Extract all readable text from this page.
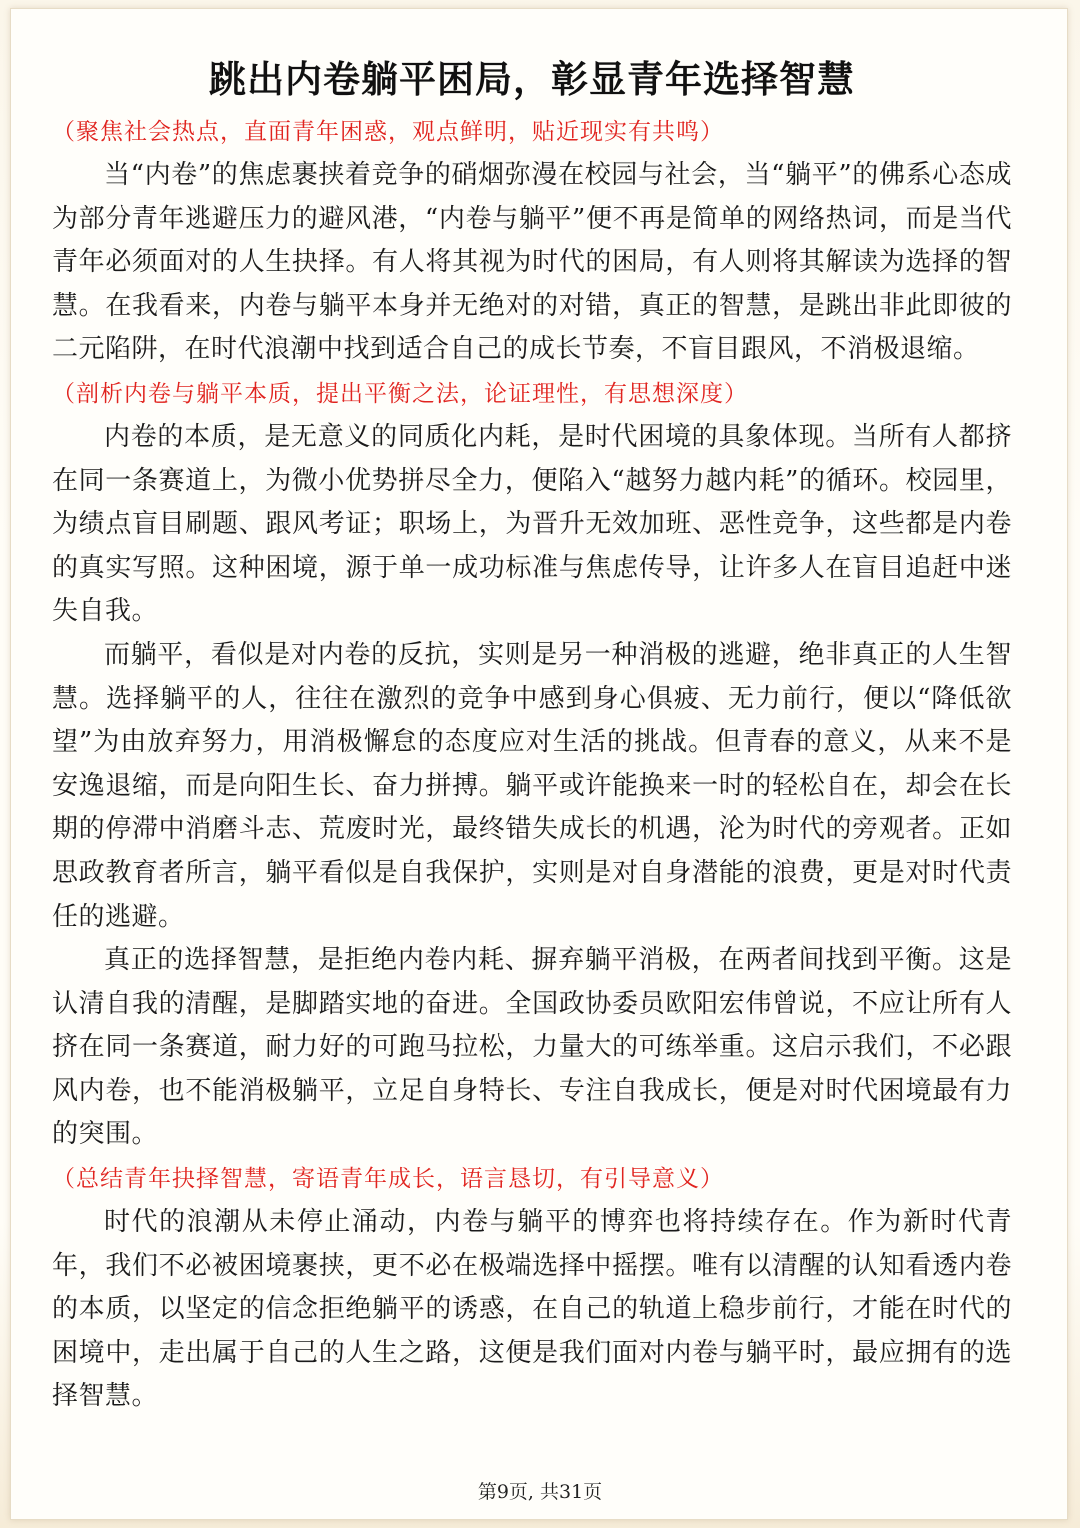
跳出内卷躺平困局，彰显青年选择智慧

（聚焦社会热点，直面青年困惑，观点鲜明，贴近现实有共鸣）

当“内卷”的焦虑裹挟着竞争的硝烟弥漫在校园与社会，当“躺平”的佛系心态成为部分青年逃避压力的避风港，“内卷与躺平”便不再是简单的网络热词，而是当代青年必须面对的人生抉择。有人将其视为时代的困局，有人则将其解读为选择的智慧。在我看来，内卷与躺平本身并无绝对的对错，真正的智慧，是跳出非此即彼的二元陷阱，在时代浪潮中找到适合自己的成长节奏，不盲目跟风，不消极退缩。

（剖析内卷与躺平本质，提出平衡之法，论证理性，有思想深度）

内卷的本质，是无意义的同质化内耗，是时代困境的具象体现。当所有人都挤在同一条赛道上，为微小优势拼尽全力，便陷入“越努力越内耗”的循环。校园里，为绩点盲目刷题、跟风考证；职场上，为晋升无效加班、恶性竞争，这些都是内卷的真实写照。这种困境，源于单一成功标准与焦虑传导，让许多人在盲目追赶中迷失自我。

而躺平，看似是对内卷的反抗，实则是另一种消极的逃避，绝非真正的人生智慧。选择躺平的人，往往在激烈的竞争中感到身心俱疲、无力前行，便以“降低欲望”为由放弃努力，用消极懈怠的态度应对生活的挑战。但青春的意义，从来不是安逸退缩，而是向阳生长、奋力拼搏。躺平或许能换来一时的轻松自在，却会在长期的停滞中消磨斗志、荒废时光，最终错失成长的机遇，沦为时代的旁观者。正如思政教育者所言，躺平看似是自我保护，实则是对自身潜能的浪费，更是对时代责任的逃避。

真正的选择智慧，是拒绝内卷内耗、摒弃躺平消极，在两者间找到平衡。这是认清自我的清醒，是脚踏实地的奋进。全国政协委员欧阳宏伟曾说，不应让所有人挤在同一条赛道，耐力好的可跑马拉松，力量大的可练举重。这启示我们，不必跟风内卷，也不能消极躺平，立足自身特长、专注自我成长，便是对时代困境最有力的突围。

（总结青年抉择智慧，寄语青年成长，语言恳切，有引导意义）

时代的浪潮从未停止涌动，内卷与躺平的博弈也将持续存在。作为新时代青年，我们不必被困境裹挟，更不必在极端选择中摇摆。唯有以清醒的认知看透内卷的本质，以坚定的信念拒绝躺平的诱惑，在自己的轨道上稳步前行，才能在时代的困境中，走出属于自己的人生之路，这便是我们面对内卷与躺平时，最应拥有的选择智慧。

第9页, 共31页
